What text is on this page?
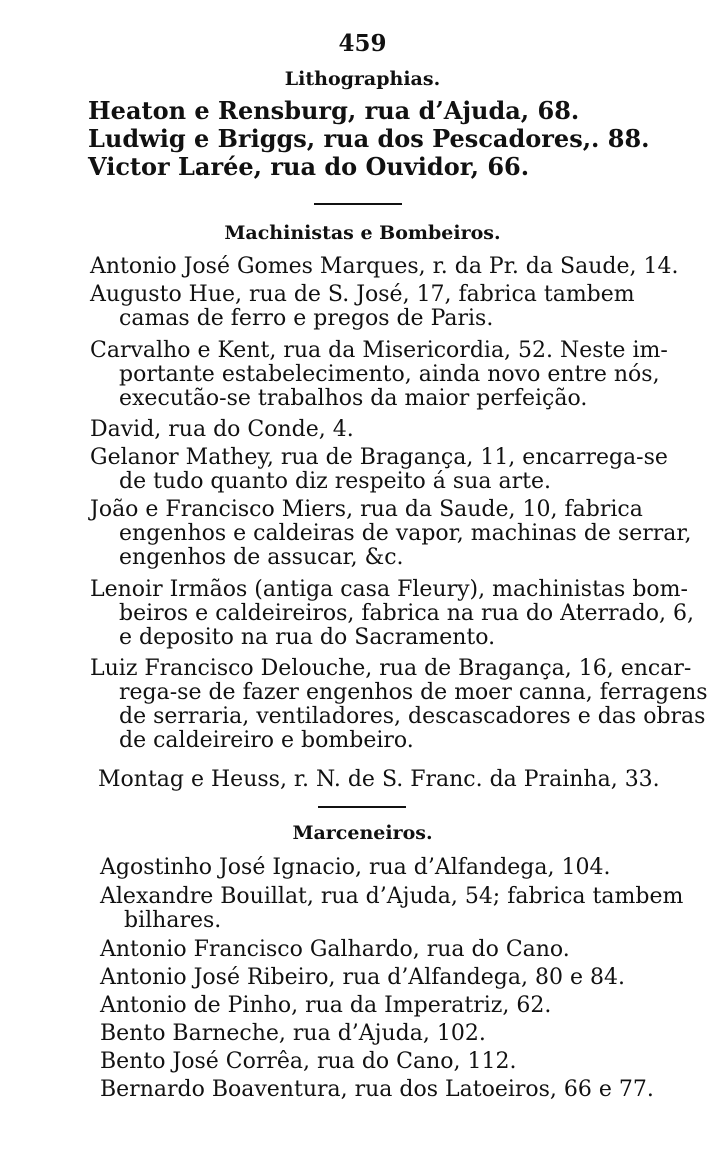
459
Lithographias.
Heaton e Rensburg, rua d’Ajuda, 68.
Ludwig e Briggs, rua dos Pescadores,. 88.
Victor Larée, rua do Ouvidor, 66.
Machinistas e Bombeiros.
Antonio José Gomes Marques, r. da Pr. da Saude, 14.
Augusto Hue, rua de S. José, 17, fabrica tambem
camas de ferro e pregos de Paris.
Carvalho e Kent, rua da Misericordia, 52. Neste im-
portante estabelecimento, ainda novo entre nós,
executão-se trabalhos da maior perfeição.
David, rua do Conde, 4.
Gelanor Mathey, rua de Bragança, 11, encarrega-se
de tudo quanto diz respeito á sua arte.
João e Francisco Miers, rua da Saude, 10, fabrica
engenhos e caldeiras de vapor, machinas de serrar,
engenhos de assucar, &c.
Lenoir Irmãos (antiga casa Fleury), machinistas bom-
beiros e caldeireiros, fabrica na rua do Aterrado, 6,
e deposito na rua do Sacramento.
Luiz Francisco Delouche, rua de Bragança, 16, encar-
rega-se de fazer engenhos de moer canna, ferragens
de serraria, ventiladores, descascadores e das obras
de caldeireiro e bombeiro.
Montag e Heuss, r. N. de S. Franc. da Prainha, 33.
Marceneiros.
Agostinho José Ignacio, rua d’Alfandega, 104.
Alexandre Bouillat, rua d’Ajuda, 54; fabrica tambem
bilhares.
Antonio Francisco Galhardo, rua do Cano.
Antonio José Ribeiro, rua d’Alfandega, 80 e 84.
Antonio de Pinho, rua da Imperatriz, 62.
Bento Barneche, rua d’Ajuda, 102.
Bento José Corrêa, rua do Cano, 112.
Bernardo Boaventura, rua dos Latoeiros, 66 e 77.
